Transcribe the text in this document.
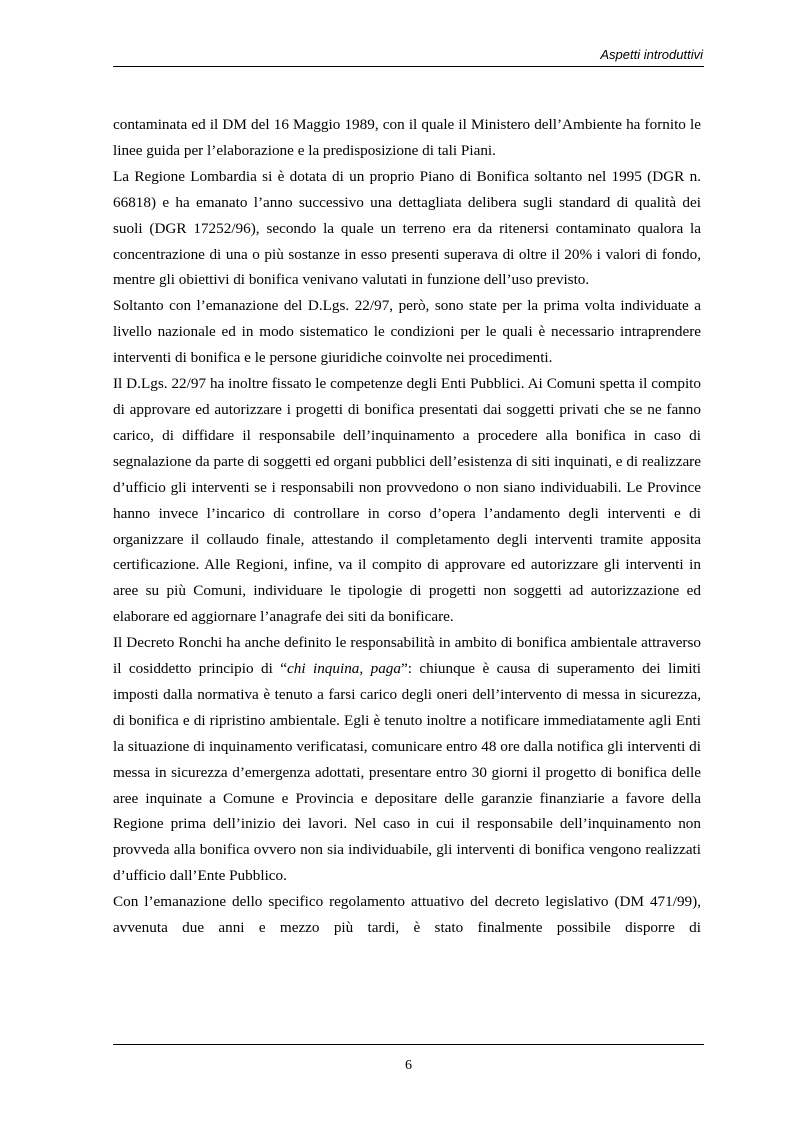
Aspetti introduttivi

contaminata ed il DM del 16 Maggio 1989, con il quale il Ministero dell’Ambiente ha fornito le linee guida per l’elaborazione e la predisposizione di tali Piani.

La Regione Lombardia si è dotata di un proprio Piano di Bonifica soltanto nel 1995 (DGR n. 66818) e ha emanato l’anno successivo una dettagliata delibera sugli standard di qualità dei suoli (DGR 17252/96), secondo la quale un terreno era da ritenersi contaminato qualora la concentrazione di una o più sostanze in esso presenti superava di oltre il 20% i valori di fondo, mentre gli obiettivi di bonifica venivano valutati in funzione dell’uso previsto.

Soltanto con l’emanazione del D.Lgs. 22/97, però, sono state per la prima volta individuate a livello nazionale ed in modo sistematico le condizioni per le quali è necessario intraprendere interventi di bonifica e le persone giuridiche coinvolte nei procedimenti.

Il D.Lgs. 22/97 ha inoltre fissato le competenze degli Enti Pubblici. Ai Comuni spetta il compito di approvare ed autorizzare i progetti di bonifica presentati dai soggetti privati che se ne fanno carico, di diffidare il responsabile dell’inquinamento a procedere alla bonifica in caso di segnalazione da parte di soggetti ed organi pubblici dell’esistenza di siti inquinati, e di realizzare d’ufficio gli interventi se i responsabili non provvedono o non siano individuabili. Le Province hanno invece l’incarico di controllare in corso d’opera l’andamento degli interventi e di organizzare il collaudo finale, attestando il completamento degli interventi tramite apposita certificazione. Alle Regioni, infine, va il compito di approvare ed autorizzare gli interventi in aree su più Comuni, individuare le tipologie di progetti non soggetti ad autorizzazione ed elaborare ed aggiornare l’anagrafe dei siti da bonificare.

Il Decreto Ronchi ha anche definito le responsabilità in ambito di bonifica ambientale attraverso il cosiddetto principio di “chi inquina, paga”: chiunque è causa di superamento dei limiti imposti dalla normativa è tenuto a farsi carico degli oneri dell’intervento di messa in sicurezza, di bonifica e di ripristino ambientale. Egli è tenuto inoltre a notificare immediatamente agli Enti la situazione di inquinamento verificatasi, comunicare entro 48 ore dalla notifica gli interventi di messa in sicurezza d’emergenza adottati, presentare entro 30 giorni il progetto di bonifica delle aree inquinate a Comune e Provincia e depositare delle garanzie finanziarie a favore della Regione prima dell’inizio dei lavori. Nel caso in cui il responsabile dell’inquinamento non provveda alla bonifica ovvero non sia individuabile, gli interventi di bonifica vengono realizzati d’ufficio dall’Ente Pubblico.

Con l’emanazione dello specifico regolamento attuativo del decreto legislativo (DM 471/99), avvenuta due anni e mezzo più tardi, è stato finalmente possibile disporre di

6
